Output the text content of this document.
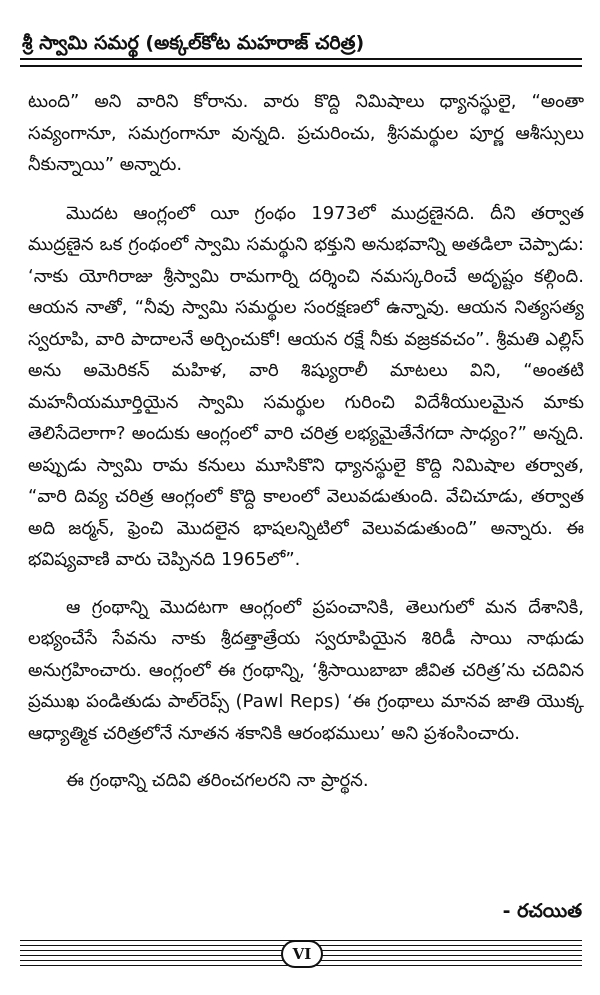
శ్రీ స్వామి సమర్థ (అక్కల్‌కోట మహరాజ్ చరిత్ర)

టుంది” అని వారిని కోరాను. వారు కొద్ది నిమిషాలు ధ్యానస్థులై, “అంతా సవ్యంగానూ, సమగ్రంగానూ వున్నది. ప్రచురించు, శ్రీసమర్థుల పూర్ణ ఆశీస్సులు నీకున్నాయి” అన్నారు.

మొదట ఆంగ్లంలో యీ గ్రంథం 1973లో ముద్రణైనది. దీని తర్వాత ముద్రణైన ఒక గ్రంథంలో స్వామి సమర్థుని భక్తుని అనుభవాన్ని అతడిలా చెప్పాడు: ‘నాకు యోగిరాజు శ్రీస్వామి రామగార్ని దర్శించి నమస్కరించే అదృష్టం కల్గింది. ఆయన నాతో, “నీవు స్వామి సమర్థుల సంరక్షణలో ఉన్నావు. ఆయన నిత్యసత్య స్వరూపి, వారి పాదాలనే అర్చించుకో! ఆయన రక్షే నీకు వజ్రకవచం”. శ్రీమతి ఎల్లిస్ అను అమెరికన్ మహిళ, వారి శిష్యురాలీ మాటలు విని, “అంతటి మహనీయమూర్తియైన స్వామి సమర్థుల గురించి విదేశీయులమైన మాకు తెలిసేదెలాగా? అందుకు ఆంగ్లంలో వారి చరిత్ర లభ్యమైతేనేగదా సాధ్యం?” అన్నది. అప్పుడు స్వామి రామ కనులు మూసికొని ధ్యానస్థులై కొద్ది నిమిషాల తర్వాత, “వారి దివ్య చరిత్ర ఆంగ్లంలో కొద్ది కాలంలో వెలువడుతుంది. వేచిచూడు, తర్వాత అది జర్మన్, ఫ్రెంచి మొదలైన భాషలన్నిటిలో వెలువడుతుంది” అన్నారు. ఈ భవిష్యవాణి వారు చెప్పినది 1965లో”.

ఆ గ్రంథాన్ని మొదటగా ఆంగ్లంలో ప్రపంచానికి, తెలుగులో మన దేశానికి, లభ్యంచేసే సేవను నాకు శ్రీదత్తాత్రేయ స్వరూపియైన శిరిడీ సాయి నాథుడు అనుగ్రహించారు. ఆంగ్లంలో ఈ గ్రంథాన్ని, ‘శ్రీసాయిబాబా జీవిత చరిత్ర’ను చదివిన ప్రముఖ పండితుడు పాల్‌రెప్స్ (Pawl Reps) ‘ఈ గ్రంథాలు మానవ జాతి యొక్క ఆధ్యాత్మిక చరిత్రలోనే నూతన శకానికి ఆరంభములు’ అని ప్రశంసించారు.

ఈ గ్రంథాన్ని చదివి తరించగలరని నా ప్రార్థన.

- రచయిత
VI
